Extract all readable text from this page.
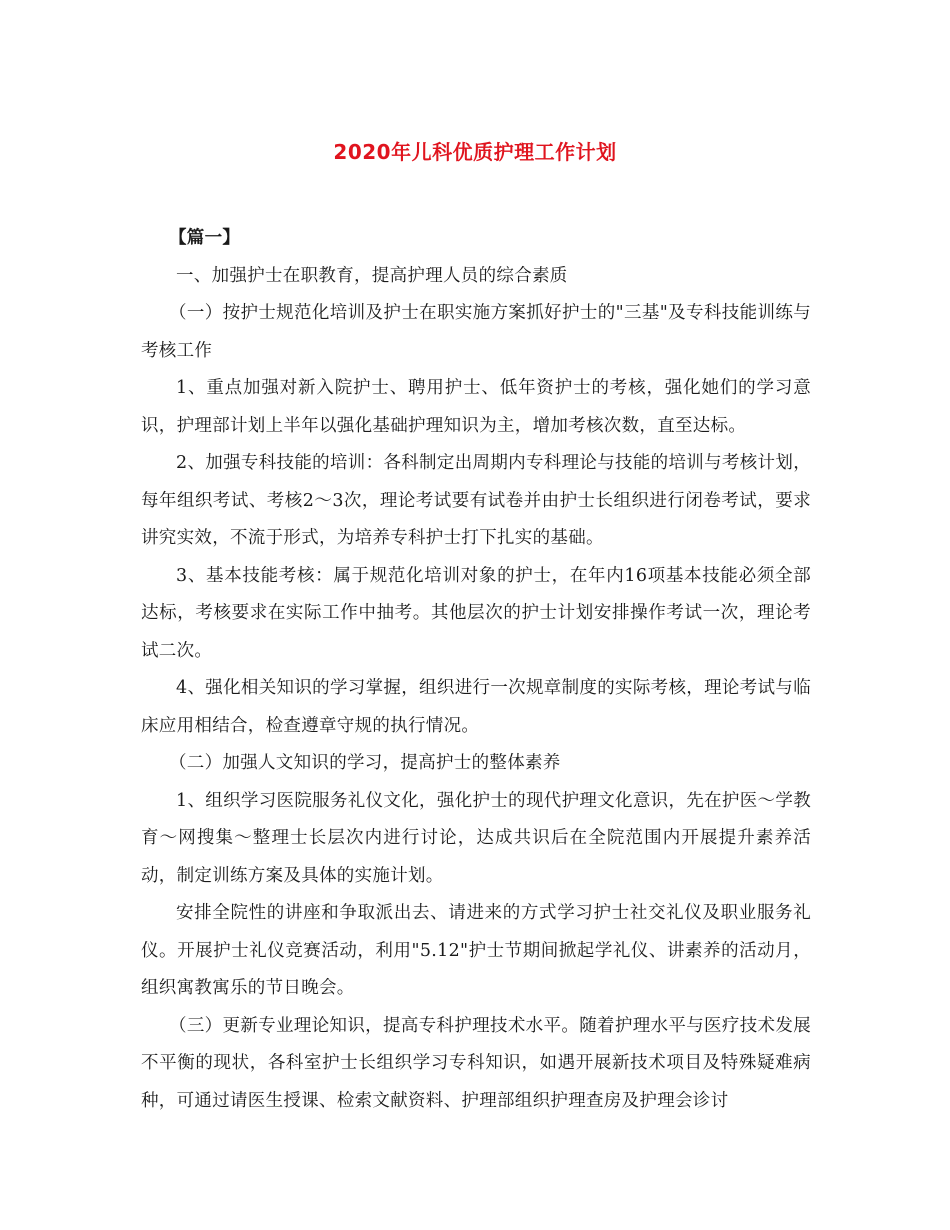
2020年儿科优质护理工作计划

【篇一】

一、加强护士在职教育，提高护理人员的综合素质

（一）按护士规范化培训及护士在职实施方案抓好护士的"三基"及专科技能训练与考核工作

1、重点加强对新入院护士、聘用护士、低年资护士的考核，强化她们的学习意识，护理部计划上半年以强化基础护理知识为主，增加考核次数，直至达标。

2、加强专科技能的培训：各科制定出周期内专科理论与技能的培训与考核计划，每年组织考试、考核2～3次，理论考试要有试卷并由护士长组织进行闭卷考试，要求讲究实效，不流于形式，为培养专科护士打下扎实的基础。

3、基本技能考核：属于规范化培训对象的护士，在年内16项基本技能必须全部达标，考核要求在实际工作中抽考。其他层次的护士计划安排操作考试一次，理论考试二次。

4、强化相关知识的学习掌握，组织进行一次规章制度的实际考核，理论考试与临床应用相结合，检查遵章守规的执行情况。

（二）加强人文知识的学习，提高护士的整体素养

1、组织学习医院服务礼仪文化，强化护士的现代护理文化意识，先在护医～学教育～网搜集～整理士长层次内进行讨论，达成共识后在全院范围内开展提升素养活动，制定训练方案及具体的实施计划。

安排全院性的讲座和争取派出去、请进来的方式学习护士社交礼仪及职业服务礼仪。开展护士礼仪竞赛活动，利用"5.12"护士节期间掀起学礼仪、讲素养的活动月，组织寓教寓乐的节日晚会。

（三）更新专业理论知识，提高专科护理技术水平。随着护理水平与医疗技术发展不平衡的现状，各科室护士长组织学习专科知识，如遇开展新技术项目及特殊疑难病种，可通过请医生授课、检索文献资料、护理部组织护理查房及护理会诊讨
